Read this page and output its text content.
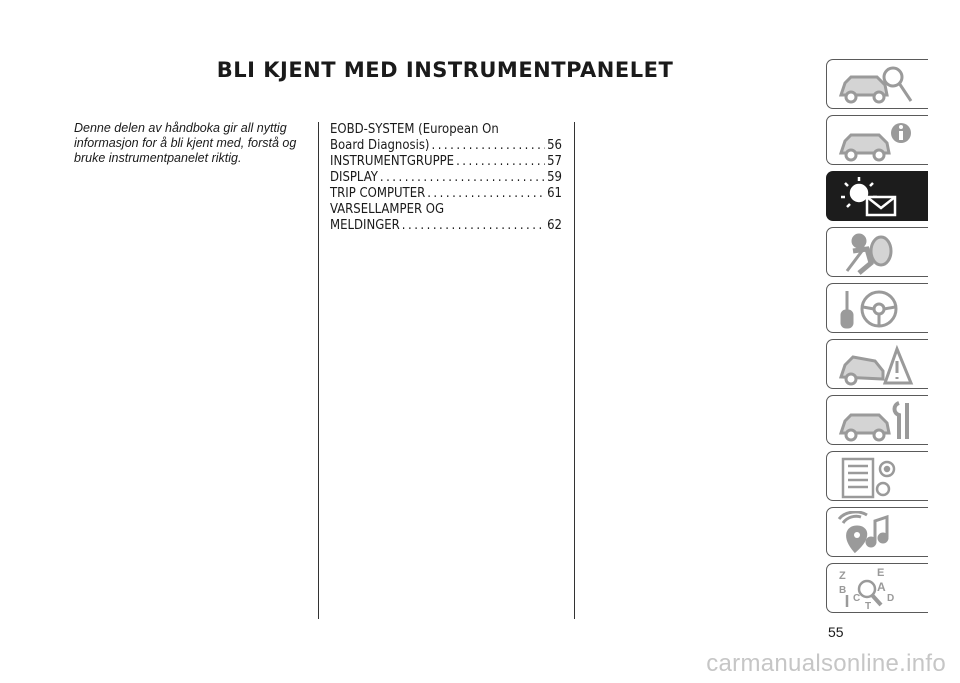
BLI KJENT MED INSTRUMENTPANELET

Denne delen av håndboka gir all nyttig informasjon for å bli kjent med, forstå og bruke instrumentpanelet riktig.

EOBD-SYSTEM (European On
Board Diagnosis) .....	56
INSTRUMENTGRUPPE .....	57
DISPLAY .....	59
TRIP COMPUTER .....	61
VARSELLAMPER OG
MELDINGER .....	62
Z	E
B	A
C
T
D
55
carmanualsonline.info
